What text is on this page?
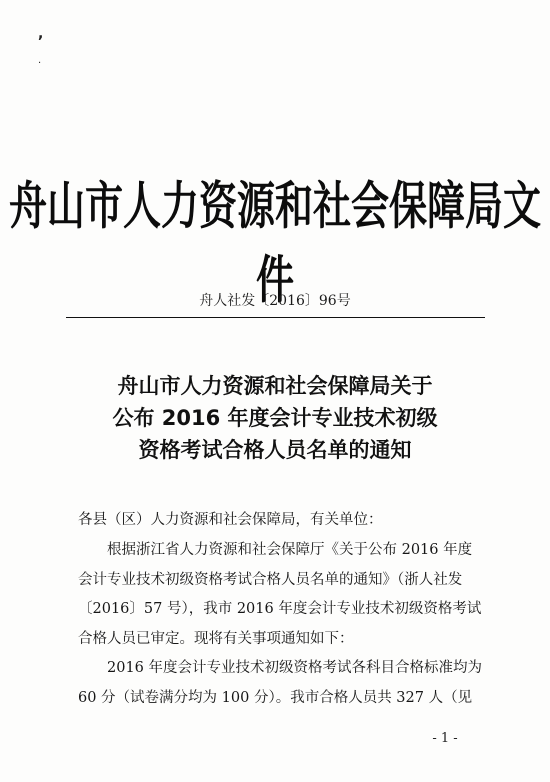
,
·
舟山市人力资源和社会保障局文件
舟人社发〔2016〕96号
舟山市人力资源和社会保障局关于
公布 2016 年度会计专业技术初级
资格考试合格人员名单的通知
各县（区）人力资源和社会保障局，有关单位：

根据浙江省人力资源和社会保障厅《关于公布 2016 年度会计专业技术初级资格考试合格人员名单的通知》（浙人社发〔2016〕57 号），我市 2016 年度会计专业技术初级资格考试合格人员已审定。现将有关事项通知如下：

2016 年度会计专业技术初级资格考试各科目合格标准均为 60 分（试卷满分均为 100 分）。我市合格人员共 327 人（见

- 1 -
